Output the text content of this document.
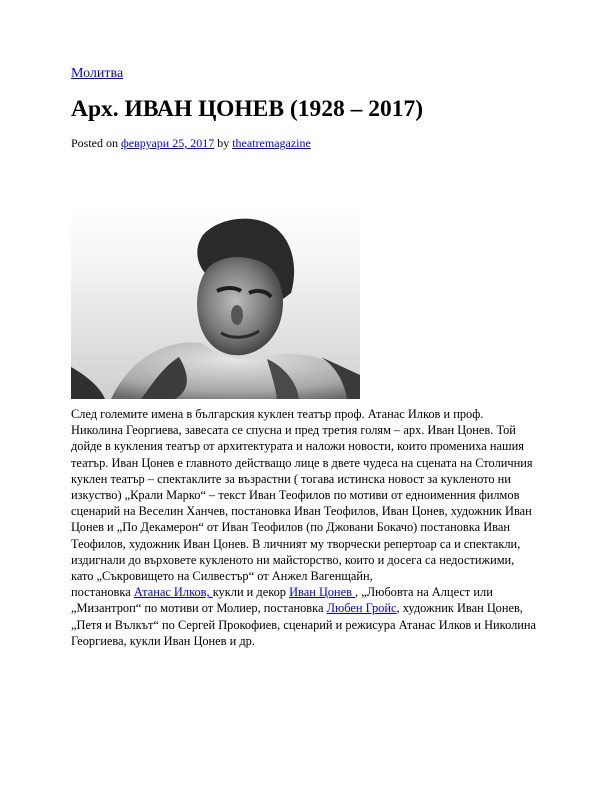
Молитва
Арх. ИВАН ЦОНЕВ (1928 – 2017)
Posted on февруари 25, 2017 by theatremagazine
След големите имена в българския куклен театър проф. Атанас Илков и проф.
Николина Георгиева, завесата се спусна и пред третия голям – арх. Иван Цонев. Той
дойде в кукления театър от архитектурата и наложи новости, които промениха нашия
театър. Иван Цонев е главното действащо лице в двете чудеса на сцената на Столичния
куклен театър – спектаклите за възрастни ( тогава истинска новост за кукленото ни
изкуство) „Крали Марко“ – текст Иван Теофилов по мотиви от едноименния филмов
сценарий на Веселин Ханчев, постановка Иван Теофилов, Иван Цонев, художник Иван
Цонев и „По Декамерон“ от Иван Теофилов (по Джовани Бокачо) постановка Иван
Теофилов, художник Иван Цонев. В личният му творчески репертоар са и спектакли,
издигнали до върховете кукленото ни майсторство, които и досега са недостижими,
като „Съкровището на Силвестър“ от Анжел Вагенщайн,
постановка Атанас Илков, кукли и декор Иван Цонев , „Любовта на Алцест или
„Мизантроп“ по мотиви от Молиер, постановка Любен Гройс, художник Иван Цонев,
„Петя и Вълкът“ по Сергей Прокофиев, сценарий и режисура Атанас Илков и Николина
Георгиева, кукли Иван Цонев и др.
